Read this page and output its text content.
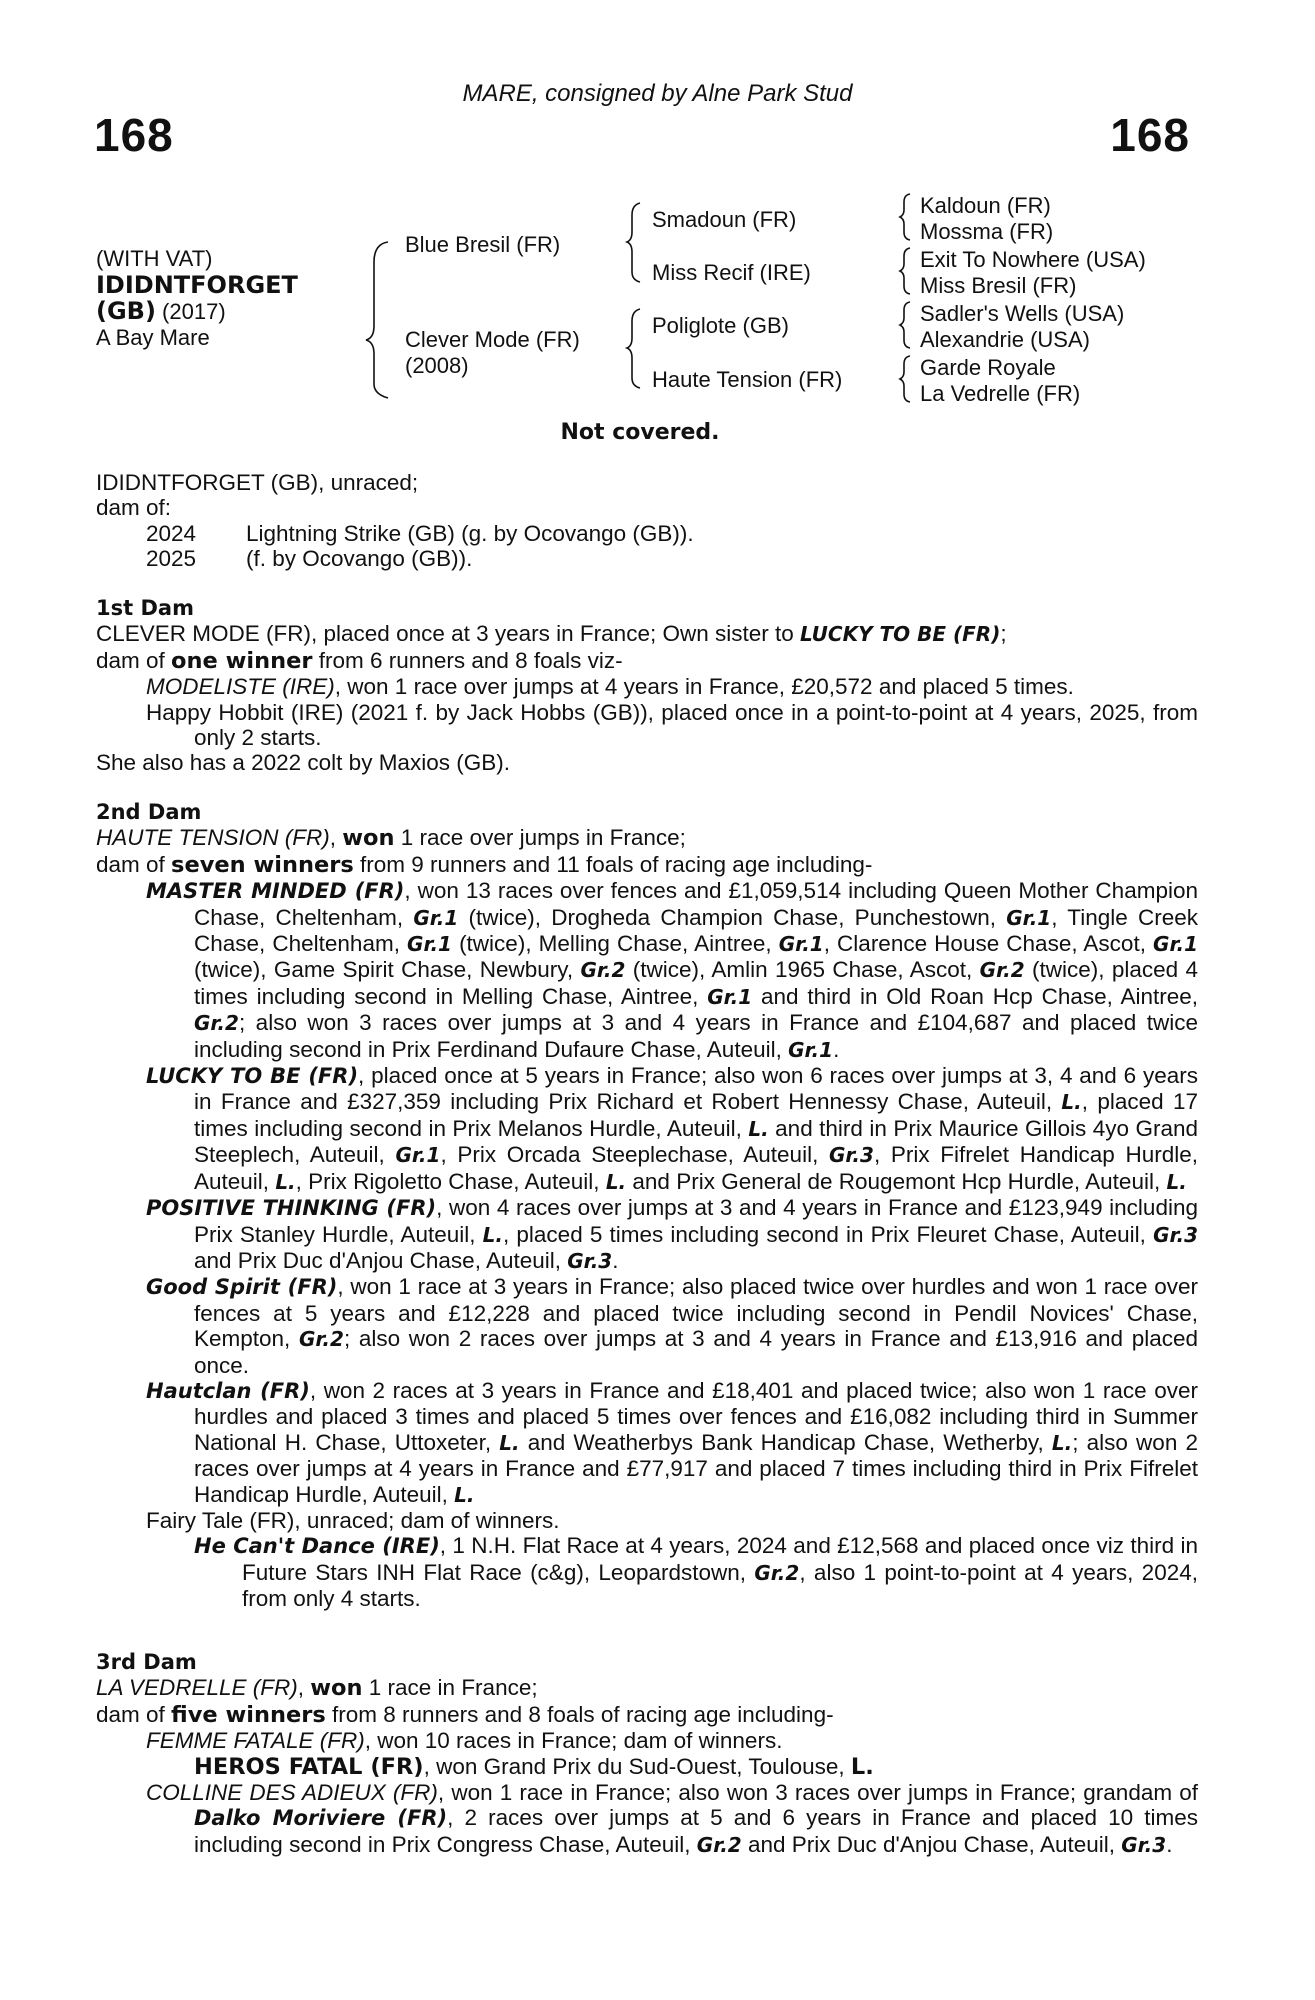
MARE, consigned by Alne Park Stud
168	168
(WITH VAT)
IDIDNTFORGET
(GB) (2017)
A Bay Mare
Blue Bresil (FR)
Clever Mode (FR)
(2008)
Smadoun (FR)
Miss Recif (IRE)
Poliglote (GB)
Haute Tension (FR)
Kaldoun (FR)
Mossma (FR)
Exit To Nowhere (USA)
Miss Bresil (FR)
Sadler's Wells (USA)
Alexandrie (USA)
Garde Royale
La Vedrelle (FR)
Not covered.
IDIDNTFORGET (GB), unraced;
dam of:
2024	Lightning Strike (GB) (g. by Ocovango (GB)).
2025	(f. by Ocovango (GB)).
1st Dam
CLEVER MODE (FR), placed once at 3 years in France; Own sister to LUCKY TO BE (FR);
dam of one winner from 6 runners and 8 foals viz-
MODELISTE (IRE), won 1 race over jumps at 4 years in France, £20,572 and placed 5 times.
Happy Hobbit (IRE) (2021 f. by Jack Hobbs (GB)), placed once in a point-to-point at 4 years, 2025, from only 2 starts.
She also has a 2022 colt by Maxios (GB).
2nd Dam
HAUTE TENSION (FR), won 1 race over jumps in France;
dam of seven winners from 9 runners and 11 foals of racing age including-
MASTER MINDED (FR), won 13 races over fences and £1,059,514 including Queen Mother Champion Chase, Cheltenham, Gr.1 (twice), Drogheda Champion Chase, Punchestown, Gr.1, Tingle Creek Chase, Cheltenham, Gr.1 (twice), Melling Chase, Aintree, Gr.1, Clarence House Chase, Ascot, Gr.1 (twice), Game Spirit Chase, Newbury, Gr.2 (twice), Amlin 1965 Chase, Ascot, Gr.2 (twice), placed 4 times including second in Melling Chase, Aintree, Gr.1 and third in Old Roan Hcp Chase, Aintree, Gr.2; also won 3 races over jumps at 3 and 4 years in France and £104,687 and placed twice including second in Prix Ferdinand Dufaure Chase, Auteuil, Gr.1.
LUCKY TO BE (FR), placed once at 5 years in France; also won 6 races over jumps at 3, 4 and 6 years in France and £327,359 including Prix Richard et Robert Hennessy Chase, Auteuil, L., placed 17 times including second in Prix Melanos Hurdle, Auteuil, L. and third in Prix Maurice Gillois 4yo Grand Steeplech, Auteuil, Gr.1, Prix Orcada Steeplechase, Auteuil, Gr.3, Prix Fifrelet Handicap Hurdle, Auteuil, L., Prix Rigoletto Chase, Auteuil, L. and Prix General de Rougemont Hcp Hurdle, Auteuil, L.
POSITIVE THINKING (FR), won 4 races over jumps at 3 and 4 years in France and £123,949 including Prix Stanley Hurdle, Auteuil, L., placed 5 times including second in Prix Fleuret Chase, Auteuil, Gr.3 and Prix Duc d'Anjou Chase, Auteuil, Gr.3.
Good Spirit (FR), won 1 race at 3 years in France; also placed twice over hurdles and won 1 race over fences at 5 years and £12,228 and placed twice including second in Pendil Novices' Chase, Kempton, Gr.2; also won 2 races over jumps at 3 and 4 years in France and £13,916 and placed once.
Hautclan (FR), won 2 races at 3 years in France and £18,401 and placed twice; also won 1 race over hurdles and placed 3 times and placed 5 times over fences and £16,082 including third in Summer National H. Chase, Uttoxeter, L. and Weatherbys Bank Handicap Chase, Wetherby, L.; also won 2 races over jumps at 4 years in France and £77,917 and placed 7 times including third in Prix Fifrelet Handicap Hurdle, Auteuil, L.
Fairy Tale (FR), unraced; dam of winners.
He Can't Dance (IRE), 1 N.H. Flat Race at 4 years, 2024 and £12,568 and placed once viz third in Future Stars INH Flat Race (c&g), Leopardstown, Gr.2, also 1 point-to-point at 4 years, 2024, from only 4 starts.
3rd Dam
LA VEDRELLE (FR), won 1 race in France;
dam of five winners from 8 runners and 8 foals of racing age including-
FEMME FATALE (FR), won 10 races in France; dam of winners.
HEROS FATAL (FR), won Grand Prix du Sud-Ouest, Toulouse, L.
COLLINE DES ADIEUX (FR), won 1 race in France; also won 3 races over jumps in France; grandam of Dalko Moriviere (FR), 2 races over jumps at 5 and 6 years in France and placed 10 times including second in Prix Congress Chase, Auteuil, Gr.2 and Prix Duc d'Anjou Chase, Auteuil, Gr.3.
